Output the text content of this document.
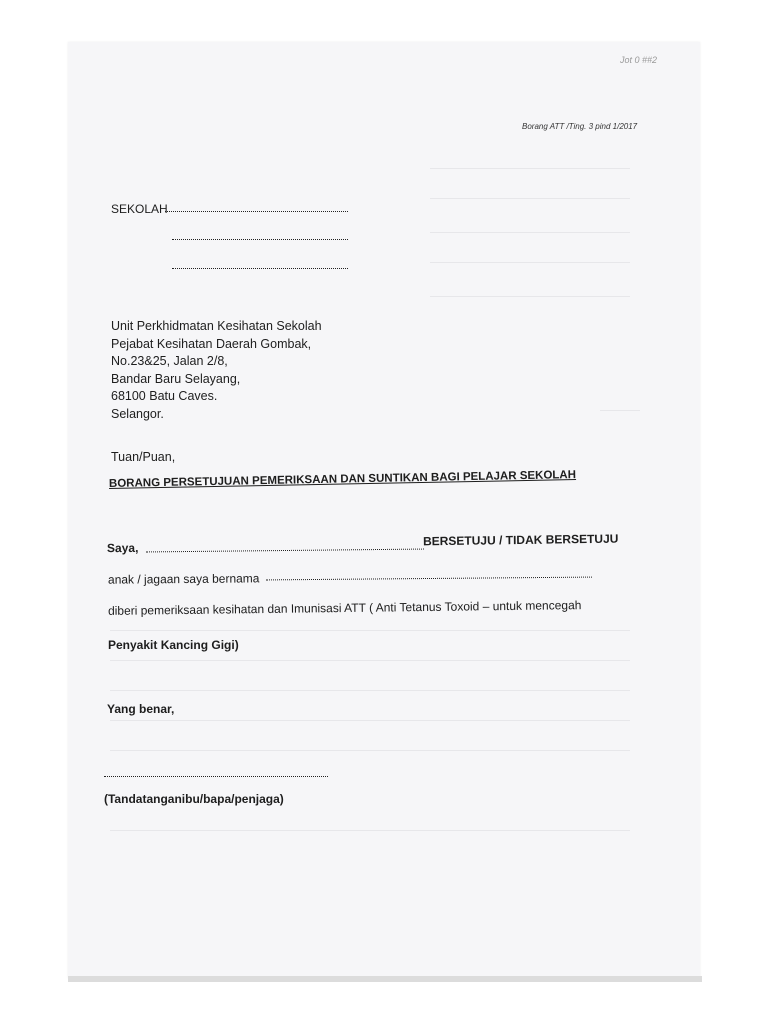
Jot 0 ##2
Borang ATT /Ting. 3 pind 1/2017
SEKOLAH
Unit Perkhidmatan Kesihatan Sekolah
Pejabat Kesihatan Daerah Gombak,
No.23&25, Jalan 2/8,
Bandar Baru Selayang,
68100 Batu Caves.
Selangor.
Tuan/Puan,
BORANG PERSETUJUAN PEMERIKSAAN DAN SUNTIKAN BAGI PELAJAR SEKOLAH
Saya,	BERSETUJU / TIDAK BERSETUJU
anak / jagaan saya bernama
diberi pemeriksaan kesihatan dan Imunisasi ATT ( Anti Tetanus Toxoid – untuk mencegah
Penyakit Kancing Gigi)
Yang benar,
(Tandatanganibu/bapa/penjaga)
